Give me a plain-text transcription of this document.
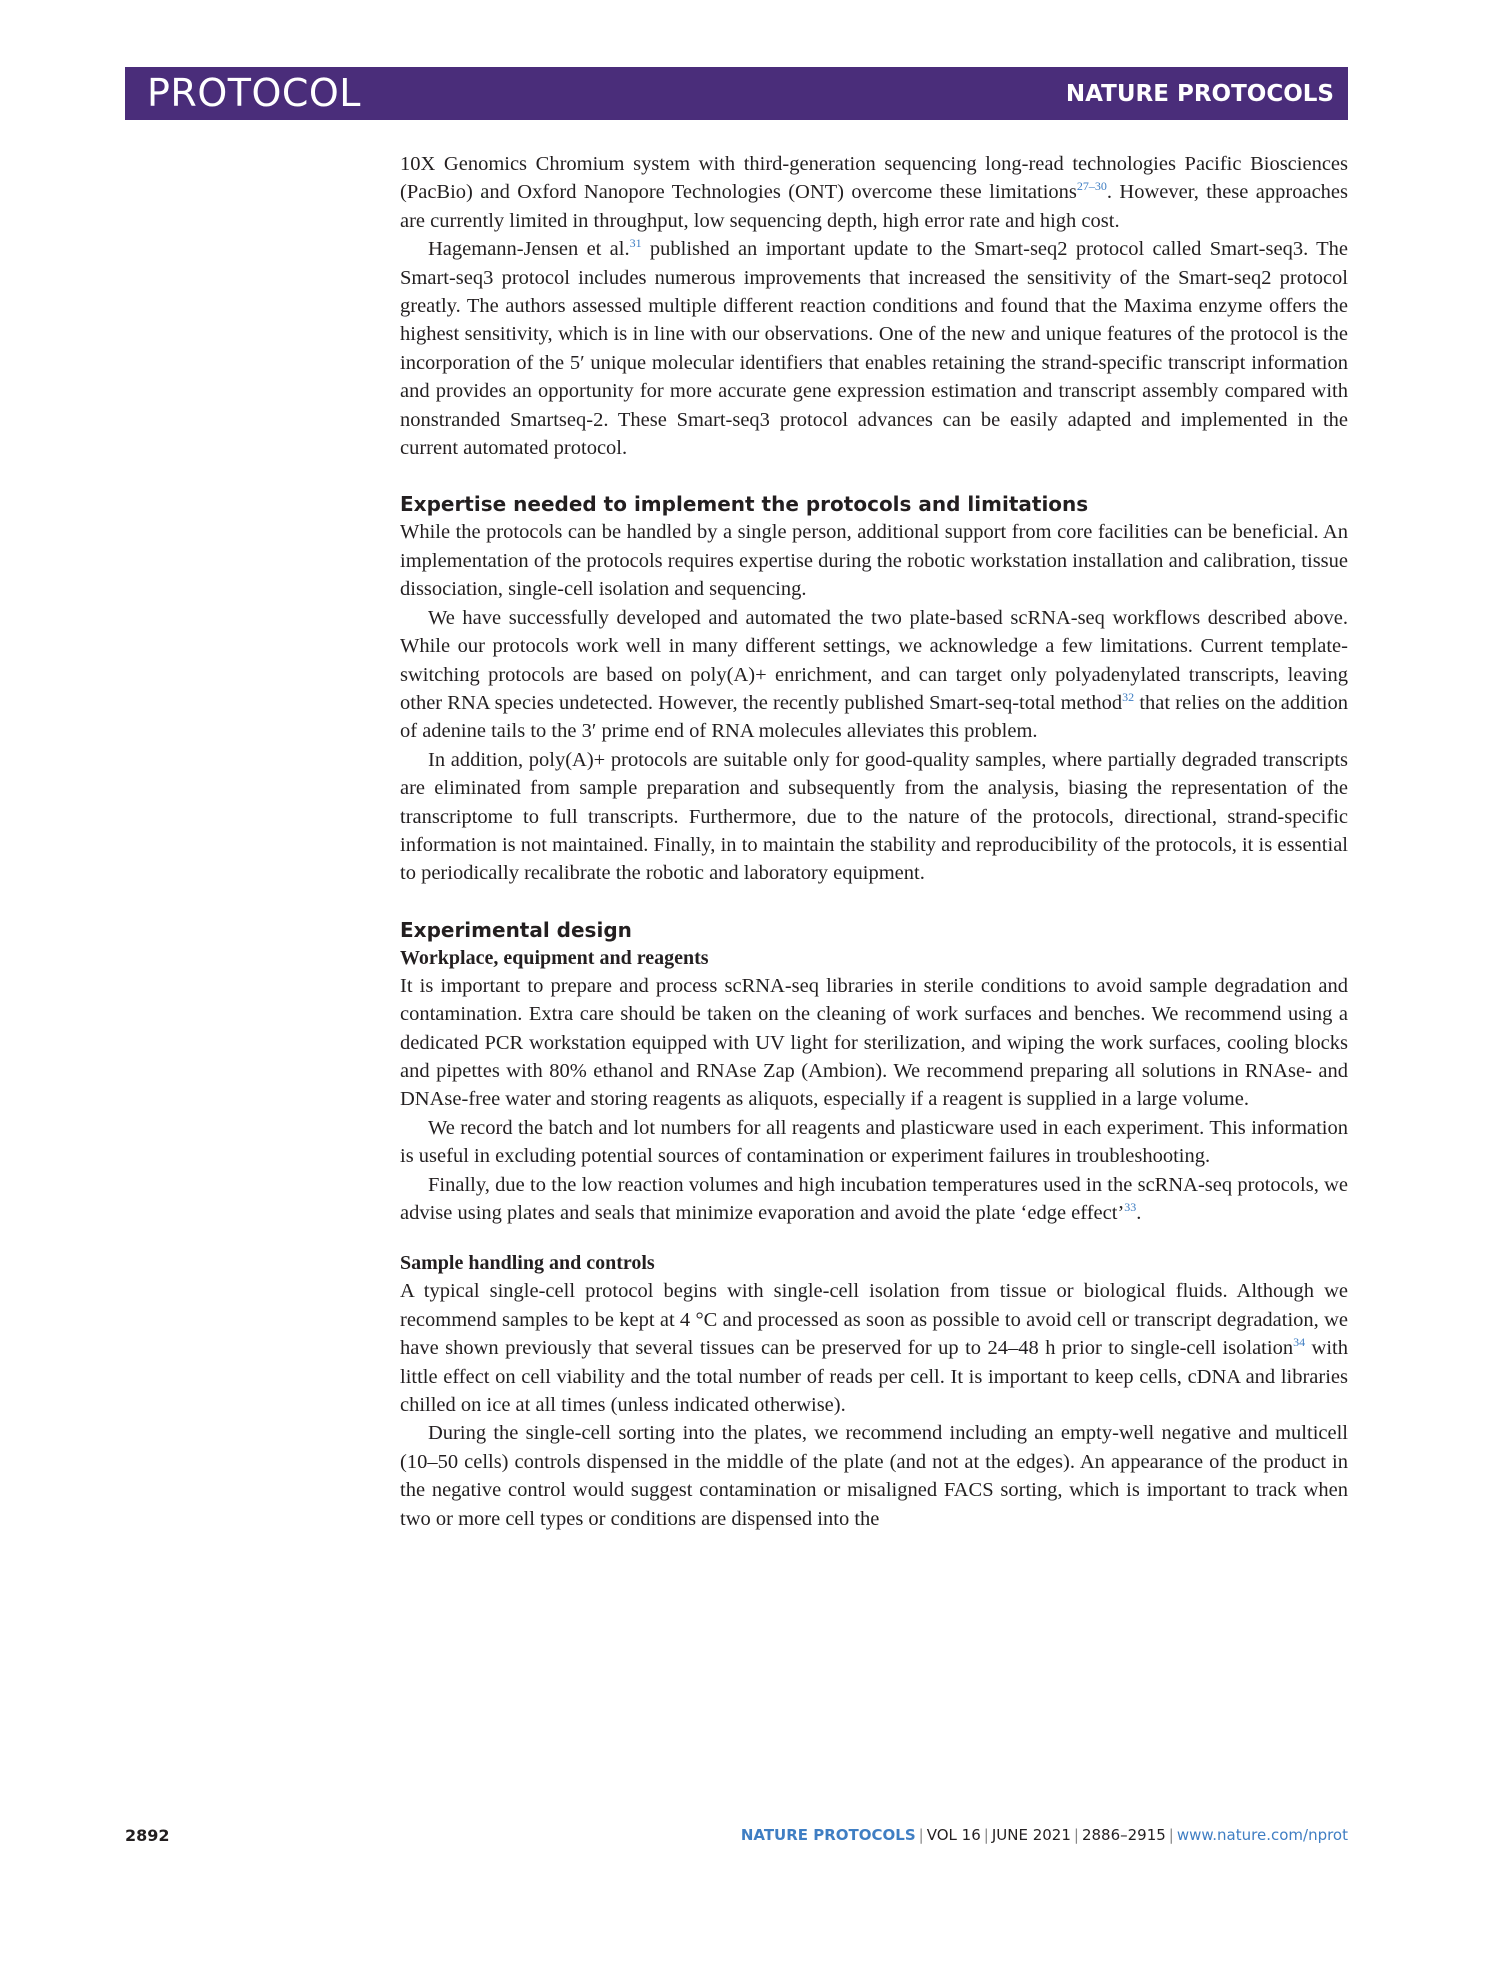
PROTOCOL	NATURE PROTOCOLS

10X Genomics Chromium system with third-generation sequencing long-read technologies Pacific Biosciences (PacBio) and Oxford Nanopore Technologies (ONT) overcome these limitations$^{27-30}$. However, these approaches are currently limited in throughput, low sequencing depth, high error rate and high cost.

Hagemann-Jensen et al.$^{31}$ published an important update to the Smart-seq2 protocol called Smart-seq3. The Smart-seq3 protocol includes numerous improvements that increased the sensitivity of the Smart-seq2 protocol greatly. The authors assessed multiple different reaction conditions and found that the Maxima enzyme offers the highest sensitivity, which is in line with our observations. One of the new and unique features of the protocol is the incorporation of the 5′ unique molecular identifiers that enables retaining the strand-specific transcript information and provides an opportunity for more accurate gene expression estimation and transcript assembly compared with nonstranded Smartseq-2. These Smart-seq3 protocol advances can be easily adapted and implemented in the current automated protocol.

Expertise needed to implement the protocols and limitations

While the protocols can be handled by a single person, additional support from core facilities can be beneficial. An implementation of the protocols requires expertise during the robotic workstation installation and calibration, tissue dissociation, single-cell isolation and sequencing.

We have successfully developed and automated the two plate-based scRNA-seq workflows described above. While our protocols work well in many different settings, we acknowledge a few limitations. Current template-switching protocols are based on poly(A)+ enrichment, and can target only polyadenylated transcripts, leaving other RNA species undetected. However, the recently published Smart-seq-total method$^{32}$ that relies on the addition of adenine tails to the 3′ prime end of RNA molecules alleviates this problem.

In addition, poly(A)+ protocols are suitable only for good-quality samples, where partially degraded transcripts are eliminated from sample preparation and subsequently from the analysis, biasing the representation of the transcriptome to full transcripts. Furthermore, due to the nature of the protocols, directional, strand-specific information is not maintained. Finally, in to maintain the stability and reproducibility of the protocols, it is essential to periodically recalibrate the robotic and laboratory equipment.

Experimental design
Workplace, equipment and reagents

It is important to prepare and process scRNA-seq libraries in sterile conditions to avoid sample degradation and contamination. Extra care should be taken on the cleaning of work surfaces and benches. We recommend using a dedicated PCR workstation equipped with UV light for sterilization, and wiping the work surfaces, cooling blocks and pipettes with 80% ethanol and RNAse Zap (Ambion). We recommend preparing all solutions in RNAse- and DNAse-free water and storing reagents as aliquots, especially if a reagent is supplied in a large volume.

We record the batch and lot numbers for all reagents and plasticware used in each experiment. This information is useful in excluding potential sources of contamination or experiment failures in troubleshooting.

Finally, due to the low reaction volumes and high incubation temperatures used in the scRNA-seq protocols, we advise using plates and seals that minimize evaporation and avoid the plate ‘edge effect’$^{33}$.

Sample handling and controls

A typical single-cell protocol begins with single-cell isolation from tissue or biological fluids. Although we recommend samples to be kept at 4 °C and processed as soon as possible to avoid cell or transcript degradation, we have shown previously that several tissues can be preserved for up to 24–48 h prior to single-cell isolation$^{34}$ with little effect on cell viability and the total number of reads per cell. It is important to keep cells, cDNA and libraries chilled on ice at all times (unless indicated otherwise).

During the single-cell sorting into the plates, we recommend including an empty-well negative and multicell (10–50 cells) controls dispensed in the middle of the plate (and not at the edges). An appearance of the product in the negative control would suggest contamination or misaligned FACS sorting, which is important to track when two or more cell types or conditions are dispensed into the

2892	NATURE PROTOCOLS | VOL 16 | JUNE 2021 | 2886–2915 | www.nature.com/nprot
